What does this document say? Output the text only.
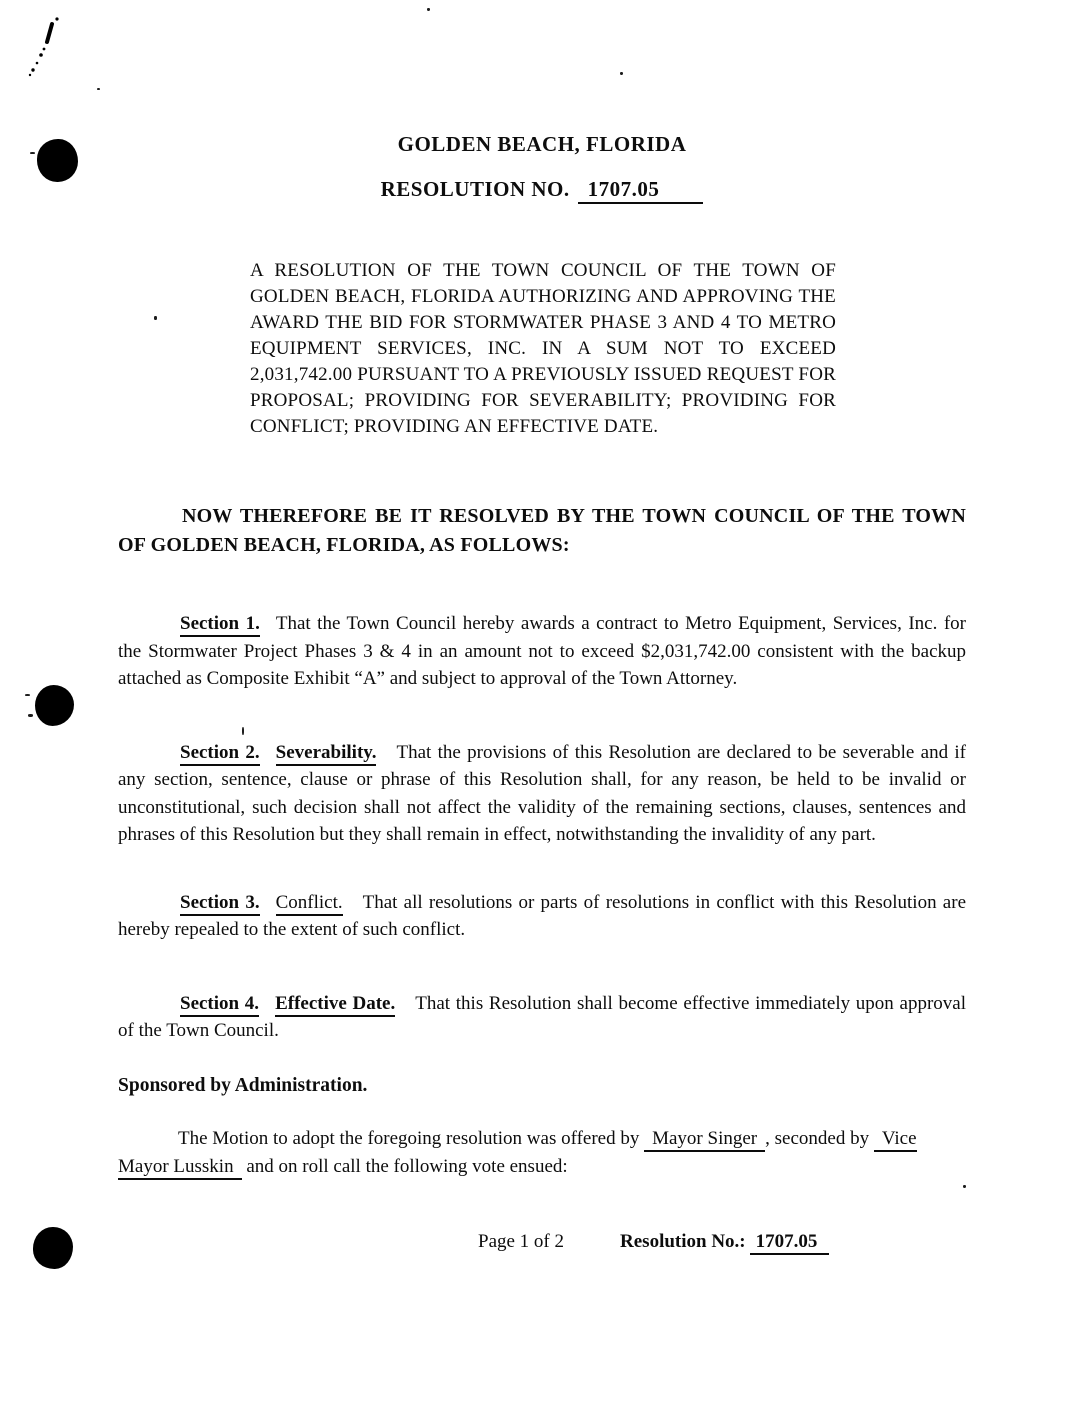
GOLDEN BEACH, FLORIDA
RESOLUTION NO. 1707.05

A RESOLUTION OF THE TOWN COUNCIL OF THE TOWN OF GOLDEN BEACH, FLORIDA AUTHORIZING AND APPROVING THE AWARD THE BID FOR STORMWATER PHASE 3 AND 4 TO METRO EQUIPMENT SERVICES, INC. IN A SUM NOT TO EXCEED 2,031,742.00 PURSUANT TO A PREVIOUSLY ISSUED REQUEST FOR PROPOSAL; PROVIDING FOR SEVERABILITY; PROVIDING FOR CONFLICT; PROVIDING AN EFFECTIVE DATE.

NOW THEREFORE BE IT RESOLVED BY THE TOWN COUNCIL OF THE TOWN OF GOLDEN BEACH, FLORIDA, AS FOLLOWS:

Section 1. That the Town Council hereby awards a contract to Metro Equipment, Services, Inc. for the Stormwater Project Phases 3 & 4 in an amount not to exceed $2,031,742.00 consistent with the backup attached as Composite Exhibit “A” and subject to approval of the Town Attorney.

Section 2. Severability. That the provisions of this Resolution are declared to be severable and if any section, sentence, clause or phrase of this Resolution shall, for any reason, be held to be invalid or unconstitutional, such decision shall not affect the validity of the remaining sections, clauses, sentences and phrases of this Resolution but they shall remain in effect, notwithstanding the invalidity of any part.

Section 3. Conflict. That all resolutions or parts of resolutions in conflict with this Resolution are hereby repealed to the extent of such conflict.

Section 4. Effective Date. That this Resolution shall become effective immediately upon approval of the Town Council.

Sponsored by Administration.

The Motion to adopt the foregoing resolution was offered by Mayor Singer , seconded by Vice Mayor Lusskin and on roll call the following vote ensued:

Page 1 of 2	Resolution No.: 1707.05
